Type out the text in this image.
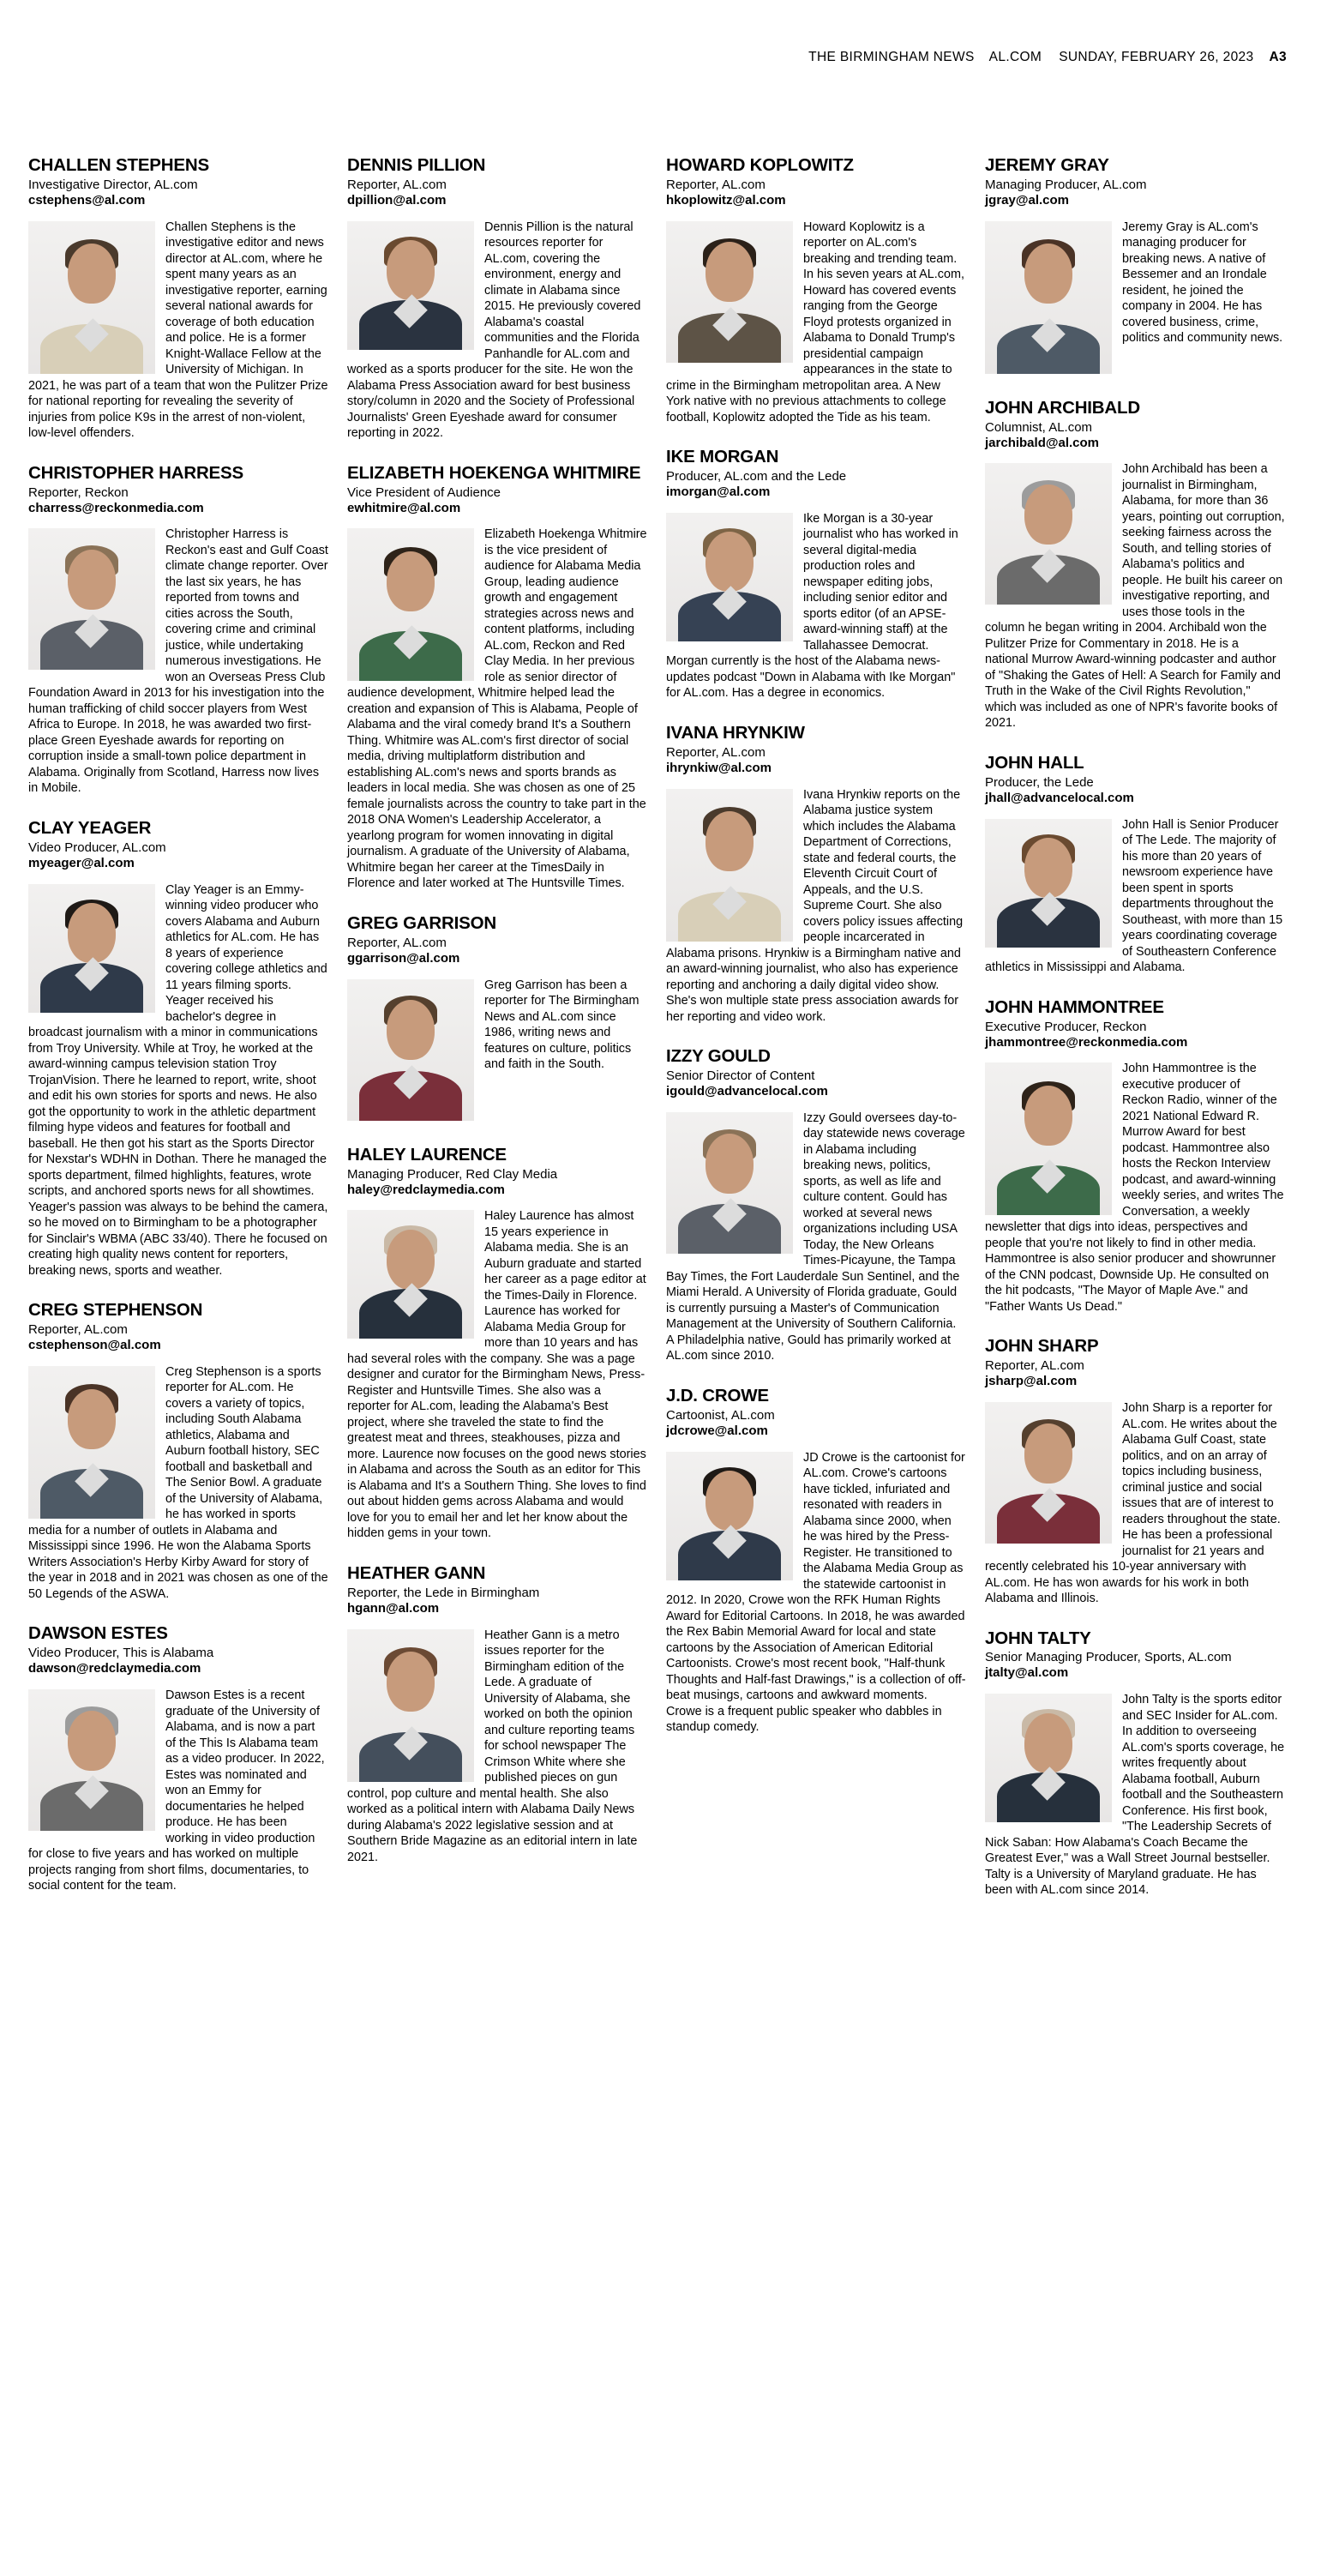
THE BIRMINGHAM NEWS AL.COM SUNDAY, FEBRUARY 26, 2023 A3
CHALLEN STEPHENS
Investigative Director, AL.com
cstephens@al.com

Challen Stephens is the investigative editor and news director at AL.com, where he spent many years as an investigative reporter, earning several national awards for coverage of both education and police. He is a former Knight-Wallace Fellow at the University of Michigan. In 2021, he was part of a team that won the Pulitzer Prize for national reporting for revealing the severity of injuries from police K9s in the arrest of non-violent, low-level offenders.

CHRISTOPHER HARRESS
Reporter, Reckon
charress@reckonmedia.com

Christopher Harress is Reckon's east and Gulf Coast climate change reporter. Over the last six years, he has reported from towns and cities across the South, covering crime and criminal justice, while undertaking numerous investigations. He won an Overseas Press Club Foundation Award in 2013 for his investigation into the human trafficking of child soccer players from West Africa to Europe. In 2018, he was awarded two first-place Green Eyeshade awards for reporting on corruption inside a small-town police department in Alabama. Originally from Scotland, Harress now lives in Mobile.

CLAY YEAGER
Video Producer, AL.com
myeager@al.com

Clay Yeager is an Emmy-winning video producer who covers Alabama and Auburn athletics for AL.com. He has 8 years of experience covering college athletics and 11 years filming sports. Yeager received his bachelor's degree in broadcast journalism with a minor in communications from Troy University. While at Troy, he worked at the award-winning campus television station Troy TrojanVision. There he learned to report, write, shoot and edit his own stories for sports and news. He also got the opportunity to work in the athletic department filming hype videos and features for football and baseball. He then got his start as the Sports Director for Nexstar's WDHN in Dothan. There he managed the sports department, filmed highlights, features, wrote scripts, and anchored sports news for all showtimes. Yeager's passion was always to be behind the camera, so he moved on to Birmingham to be a photographer for Sinclair's WBMA (ABC 33/40). There he focused on creating high quality news content for reporters, breaking news, sports and weather.

CREG STEPHENSON
Reporter, AL.com
cstephenson@al.com

Creg Stephenson is a sports reporter for AL.com. He covers a variety of topics, including South Alabama athletics, Alabama and Auburn football history, SEC football and basketball and The Senior Bowl. A graduate of the University of Alabama, he has worked in sports media for a number of outlets in Alabama and Mississippi since 1996. He won the Alabama Sports Writers Association's Herby Kirby Award for story of the year in 2018 and in 2021 was chosen as one of the 50 Legends of the ASWA.

DAWSON ESTES
Video Producer, This is Alabama
dawson@redclaymedia.com

Dawson Estes is a recent graduate of the University of Alabama, and is now a part of the This Is Alabama team as a video producer. In 2022, Estes was nominated and won an Emmy for documentaries he helped produce. He has been working in video production for close to five years and has worked on multiple projects ranging from short films, documentaries, to social content for the team.

DENNIS PILLION
Reporter, AL.com
dpillion@al.com

Dennis Pillion is the natural resources reporter for AL.com, covering the environment, energy and climate in Alabama since 2015. He previously covered Alabama's coastal communities and the Florida Panhandle for AL.com and worked as a sports producer for the site. He won the Alabama Press Association award for best business story/column in 2020 and the Society of Professional Journalists' Green Eyeshade award for consumer reporting in 2022.

ELIZABETH HOEKENGA WHITMIRE
Vice President of Audience
ewhitmire@al.com

Elizabeth Hoekenga Whitmire is the vice president of audience for Alabama Media Group, leading audience growth and engagement strategies across news and content platforms, including AL.com, Reckon and Red Clay Media. In her previous role as senior director of audience development, Whitmire helped lead the creation and expansion of This is Alabama, People of Alabama and the viral comedy brand It's a Southern Thing. Whitmire was AL.com's first director of social media, driving multiplatform distribution and establishing AL.com's news and sports brands as leaders in local media. She was chosen as one of 25 female journalists across the country to take part in the 2018 ONA Women's Leadership Accelerator, a yearlong program for women innovating in digital journalism. A graduate of the University of Alabama, Whitmire began her career at the TimesDaily in Florence and later worked at The Huntsville Times.

GREG GARRISON
Reporter, AL.com
ggarrison@al.com

Greg Garrison has been a reporter for The Birmingham News and AL.com since 1986, writing news and features on culture, politics and faith in the South.

HALEY LAURENCE
Managing Producer, Red Clay Media
haley@redclaymedia.com

Haley Laurence has almost 15 years experience in Alabama media. She is an Auburn graduate and started her career as a page editor at the Times-Daily in Florence. Laurence has worked for Alabama Media Group for more than 10 years and has had several roles with the company. She was a page designer and curator for the Birmingham News, Press-Register and Huntsville Times. She also was a reporter for AL.com, leading the Alabama's Best project, where she traveled the state to find the greatest meat and threes, steakhouses, pizza and more. Laurence now focuses on the good news stories in Alabama and across the South as an editor for This is Alabama and It's a Southern Thing. She loves to find out about hidden gems across Alabama and would love for you to email her and let her know about the hidden gems in your town.

HEATHER GANN
Reporter, the Lede in Birmingham
hgann@al.com

Heather Gann is a metro issues reporter for the Birmingham edition of the Lede. A graduate of University of Alabama, she worked on both the opinion and culture reporting teams for school newspaper The Crimson White where she published pieces on gun control, pop culture and mental health. She also worked as a political intern with Alabama Daily News during Alabama's 2022 legislative session and at Southern Bride Magazine as an editorial intern in late 2021.

HOWARD KOPLOWITZ
Reporter, AL.com
hkoplowitz@al.com

Howard Koplowitz is a reporter on AL.com's breaking and trending team. In his seven years at AL.com, Howard has covered events ranging from the George Floyd protests organized in Alabama to Donald Trump's presidential campaign appearances in the state to crime in the Birmingham metropolitan area. A New York native with no previous attachments to college football, Koplowitz adopted the Tide as his team.

IKE MORGAN
Producer, AL.com and the Lede
imorgan@al.com

Ike Morgan is a 30-year journalist who has worked in several digital-media production roles and newspaper editing jobs, including senior editor and sports editor (of an APSE-award-winning staff) at the Tallahassee Democrat. Morgan currently is the host of the Alabama news-updates podcast "Down in Alabama with Ike Morgan" for AL.com. Has a degree in economics.

IVANA HRYNKIW
Reporter, AL.com
ihrynkiw@al.com

Ivana Hrynkiw reports on the Alabama justice system which includes the Alabama Department of Corrections, state and federal courts, the Eleventh Circuit Court of Appeals, and the U.S. Supreme Court. She also covers policy issues affecting people incarcerated in Alabama prisons. Hrynkiw is a Birmingham native and an award-winning journalist, who also has experience reporting and anchoring a daily digital video show. She's won multiple state press association awards for her reporting and video work.

IZZY GOULD
Senior Director of Content
igould@advancelocal.com

Izzy Gould oversees day-to-day statewide news coverage in Alabama including breaking news, politics, sports, as well as life and culture content. Gould has worked at several news organizations including USA Today, the New Orleans Times-Picayune, the Tampa Bay Times, the Fort Lauderdale Sun Sentinel, and the Miami Herald. A University of Florida graduate, Gould is currently pursuing a Master's of Communication Management at the University of Southern California. A Philadelphia native, Gould has primarily worked at AL.com since 2010.

J.D. CROWE
Cartoonist, AL.com
jdcrowe@al.com

JD Crowe is the cartoonist for AL.com. Crowe's cartoons have tickled, infuriated and resonated with readers in Alabama since 2000, when he was hired by the Press-Register. He transitioned to the Alabama Media Group as the statewide cartoonist in 2012. In 2020, Crowe won the RFK Human Rights Award for Editorial Cartoons. In 2018, he was awarded the Rex Babin Memorial Award for local and state cartoons by the Association of American Editorial Cartoonists. Crowe's most recent book, "Half-thunk Thoughts and Half-fast Drawings," is a collection of off-beat musings, cartoons and awkward moments. Crowe is a frequent public speaker who dabbles in standup comedy.

JEREMY GRAY
Managing Producer, AL.com
jgray@al.com

Jeremy Gray is AL.com's managing producer for breaking news. A native of Bessemer and an Irondale resident, he joined the company in 2004. He has covered business, crime, politics and community news.

JOHN ARCHIBALD
Columnist, AL.com
jarchibald@al.com

John Archibald has been a journalist in Birmingham, Alabama, for more than 36 years, pointing out corruption, seeking fairness across the South, and telling stories of Alabama's politics and people. He built his career on investigative reporting, and uses those tools in the column he began writing in 2004. Archibald won the Pulitzer Prize for Commentary in 2018. He is a national Murrow Award-winning podcaster and author of "Shaking the Gates of Hell: A Search for Family and Truth in the Wake of the Civil Rights Revolution," which was included as one of NPR's favorite books of 2021.

JOHN HALL
Producer, the Lede
jhall@advancelocal.com

John Hall is Senior Producer of The Lede. The majority of his more than 20 years of newsroom experience have been spent in sports departments throughout the Southeast, with more than 15 years coordinating coverage of Southeastern Conference athletics in Mississippi and Alabama.

JOHN HAMMONTREE
Executive Producer, Reckon
jhammontree@reckonmedia.com

John Hammontree is the executive producer of Reckon Radio, winner of the 2021 National Edward R. Murrow Award for best podcast. Hammontree also hosts the Reckon Interview podcast, and award-winning weekly series, and writes The Conversation, a weekly newsletter that digs into ideas, perspectives and people that you're not likely to find in other media. Hammontree is also senior producer and showrunner of the CNN podcast, Downside Up. He consulted on the hit podcasts, "The Mayor of Maple Ave." and "Father Wants Us Dead."

JOHN SHARP
Reporter, AL.com
jsharp@al.com

John Sharp is a reporter for AL.com. He writes about the Alabama Gulf Coast, state politics, and on an array of topics including business, criminal justice and social issues that are of interest to readers throughout the state. He has been a professional journalist for 21 years and recently celebrated his 10-year anniversary with AL.com. He has won awards for his work in both Alabama and Illinois.

JOHN TALTY
Senior Managing Producer, Sports, AL.com
jtalty@al.com

John Talty is the sports editor and SEC Insider for AL.com. In addition to overseeing AL.com's sports coverage, he writes frequently about Alabama football, Auburn football and the Southeastern Conference. His first book, "The Leadership Secrets of Nick Saban: How Alabama's Coach Became the Greatest Ever," was a Wall Street Journal bestseller. Talty is a University of Maryland graduate. He has been with AL.com since 2014.
